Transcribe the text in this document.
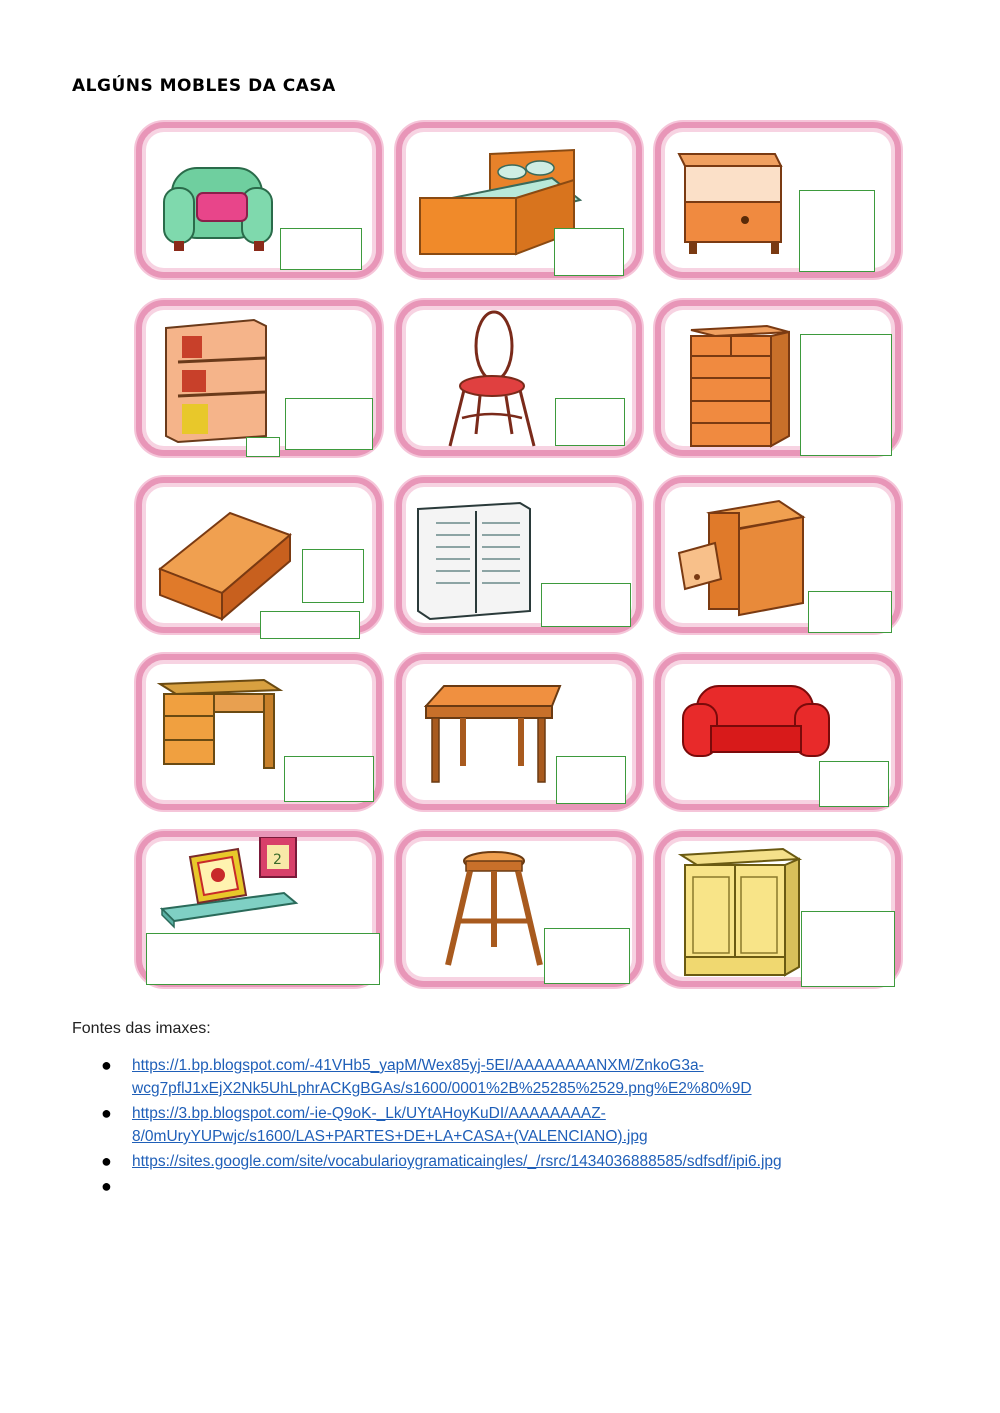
ALGÚNS MOBLES DA CASA
2
Fontes das imaxes:
● https://1.bp.blogspot.com/-41VHb5_yapM/Wex85yj-5EI/AAAAAAAANXM/ZnkoG3a-
wcg7pflJ1xEjX2Nk5UhLphrACKgBGAs/s1600/0001%2B%25285%2529.png%E2%80%9D
● https://3.bp.blogspot.com/-ie-Q9oK-_Lk/UYtAHoyKuDI/AAAAAAAAZ-
8/0mUryYUPwjc/s1600/LAS+PARTES+DE+LA+CASA+(VALENCIANO).jpg
● https://sites.google.com/site/vocabularioygramaticaingles/_/rsrc/1434036888585/sdfsdf/ipi6.jpg
●
